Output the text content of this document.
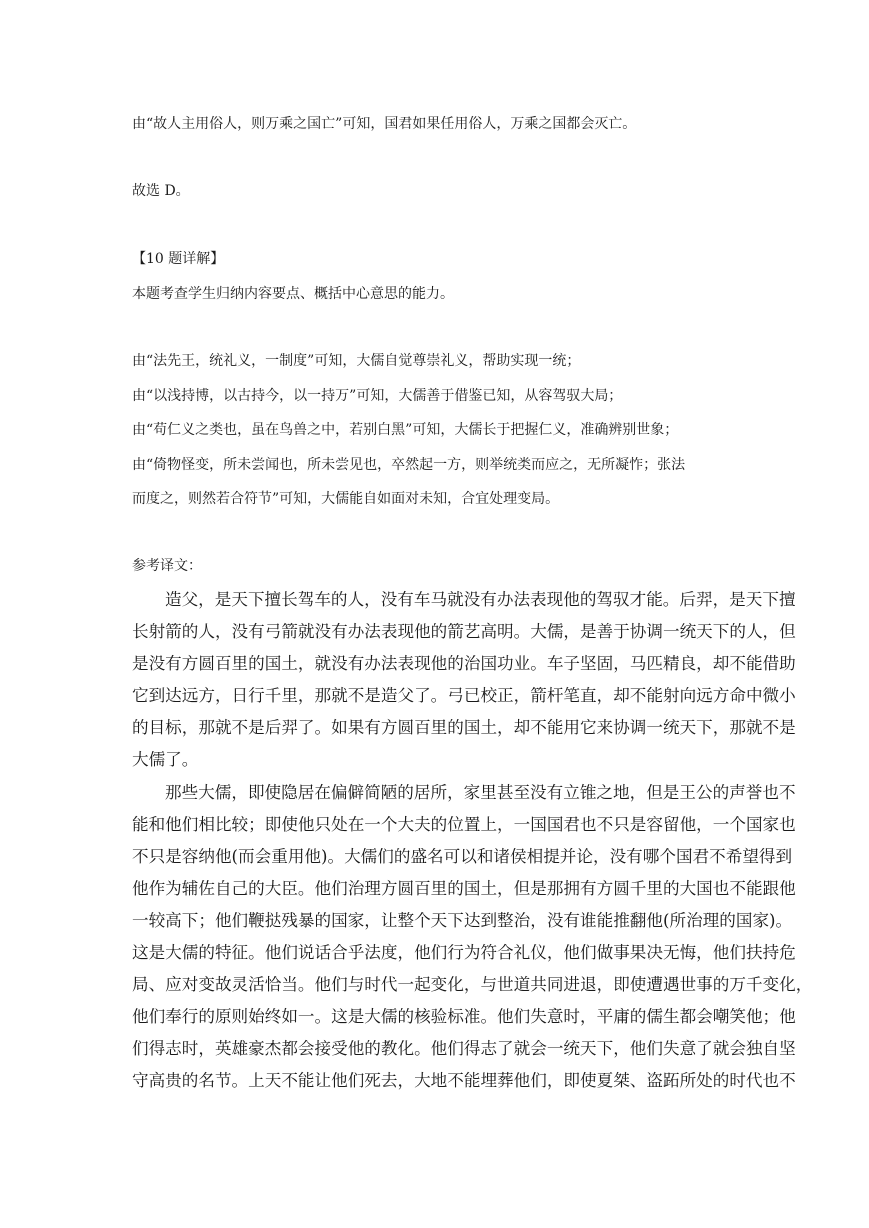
由“故人主用俗人，则万乘之国亡”可知，国君如果任用俗人，万乘之国都会灭亡。
故选 D。
【10 题详解】
本题考查学生归纳内容要点、概括中心意思的能力。
由“法先王，统礼义，一制度”可知，大儒自觉尊崇礼义，帮助实现一统；
由“以浅持博，以古持今，以一持万”可知，大儒善于借鉴已知，从容驾驭大局；
由“苟仁义之类也，虽在鸟兽之中，若别白黑”可知，大儒长于把握仁义，准确辨别世象；
由“倚物怪变，所未尝闻也，所未尝见也，卒然起一方，则举统类而应之，无所凝怍；张法
而度之，则然若合符节”可知，大儒能自如面对未知，合宜处理变局。
参考译文：
造父，是天下擅长驾车的人，没有车马就没有办法表现他的驾驭才能。后羿，是天下擅
长射箭的人，没有弓箭就没有办法表现他的箭艺高明。大儒，是善于协调一统天下的人，但
是没有方圆百里的国土，就没有办法表现他的治国功业。车子坚固，马匹精良，却不能借助
它到达远方，日行千里，那就不是造父了。弓已校正，箭杆笔直，却不能射向远方命中微小
的目标，那就不是后羿了。如果有方圆百里的国土，却不能用它来协调一统天下，那就不是
大儒了。
那些大儒，即使隐居在偏僻简陋的居所，家里甚至没有立锥之地，但是王公的声誉也不
能和他们相比较；即使他只处在一个大夫的位置上，一国国君也不只是容留他，一个国家也
不只是容纳他(而会重用他)。大儒们的盛名可以和诸侯相提并论，没有哪个国君不希望得到
他作为辅佐自己的大臣。他们治理方圆百里的国土，但是那拥有方圆千里的大国也不能跟他
一较高下；他们鞭挞残暴的国家，让整个天下达到整治，没有谁能推翻他(所治理的国家)。
这是大儒的特征。他们说话合乎法度，他们行为符合礼仪，他们做事果决无悔，他们扶持危
局、应对变故灵活恰当。他们与时代一起变化，与世道共同进退，即使遭遇世事的万千变化，
他们奉行的原则始终如一。这是大儒的核验标准。他们失意时，平庸的儒生都会嘲笑他；他
们得志时，英雄豪杰都会接受他的教化。他们得志了就会一统天下，他们失意了就会独自坚
守高贵的名节。上天不能让他们死去，大地不能埋葬他们，即使夏桀、盗跖所处的时代也不
